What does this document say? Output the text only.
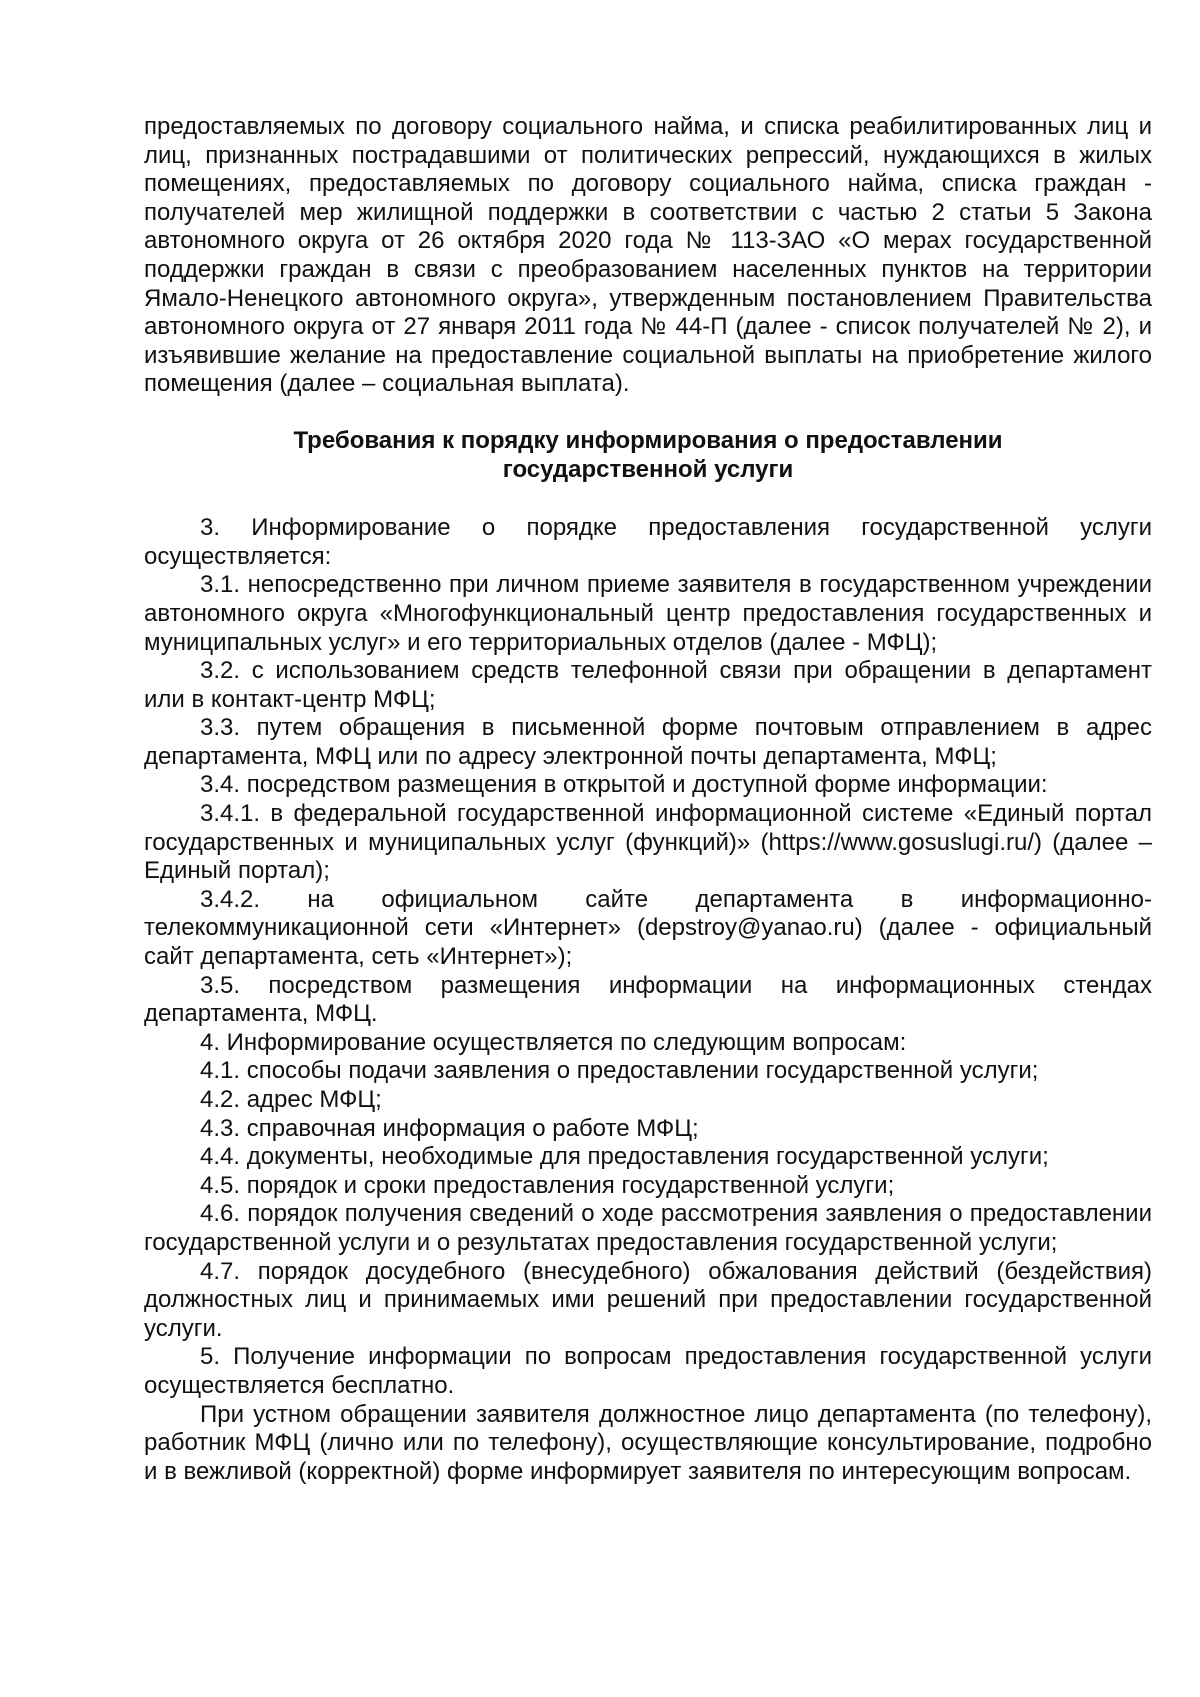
предоставляемых по договору социального найма, и списка реабилитированных лиц и лиц, признанных пострадавшими от политических репрессий, нуждающихся в жилых помещениях, предоставляемых по договору социального найма, списка граждан - получателей мер жилищной поддержки в соответствии с частью 2 статьи 5 Закона автономного округа от 26 октября 2020 года № 113-ЗАО «О мерах государственной поддержки граждан в связи с преобразованием населенных пунктов на территории Ямало-Ненецкого автономного округа», утвержденным постановлением Правительства автономного округа от 27 января 2011 года № 44-П (далее - список получателей № 2), и изъявившие желание на предоставление социальной выплаты на приобретение жилого помещения (далее – социальная выплата).

Требования к порядку информирования о предоставлении
государственной услуги

3. Информирование о порядке предоставления государственной услуги осуществляется:

3.1. непосредственно при личном приеме заявителя в государственном учреждении автономного округа «Многофункциональный центр предоставления государственных и муниципальных услуг» и его территориальных отделов (далее - МФЦ);

3.2. с использованием средств телефонной связи при обращении в департамент или в контакт-центр МФЦ;

3.3. путем обращения в письменной форме почтовым отправлением в адрес департамента, МФЦ или по адресу электронной почты департамента, МФЦ;

3.4. посредством размещения в открытой и доступной форме информации:

3.4.1. в федеральной государственной информационной системе «Единый портал государственных и муниципальных услуг (функций)» (https://www.gosuslugi.ru/) (далее – Единый портал);

3.4.2. на официальном сайте департамента в информационно-телекоммуникационной сети «Интернет» (depstroy@yanao.ru) (далее - официальный сайт департамента, сеть «Интернет»);

3.5. посредством размещения информации на информационных стендах департамента, МФЦ.

4. Информирование осуществляется по следующим вопросам:

4.1. способы подачи заявления о предоставлении государственной услуги;

4.2. адрес МФЦ;

4.3. справочная информация о работе МФЦ;

4.4. документы, необходимые для предоставления государственной услуги;

4.5. порядок и сроки предоставления государственной услуги;

4.6. порядок получения сведений о ходе рассмотрения заявления о предоставлении государственной услуги и о результатах предоставления государственной услуги;

4.7. порядок досудебного (внесудебного) обжалования действий (бездействия) должностных лиц и принимаемых ими решений при предоставлении государственной услуги.

5. Получение информации по вопросам предоставления государственной услуги осуществляется бесплатно.

При устном обращении заявителя должностное лицо департамента (по телефону), работник МФЦ (лично или по телефону), осуществляющие консультирование, подробно и в вежливой (корректной) форме информирует заявителя по интересующим вопросам.
